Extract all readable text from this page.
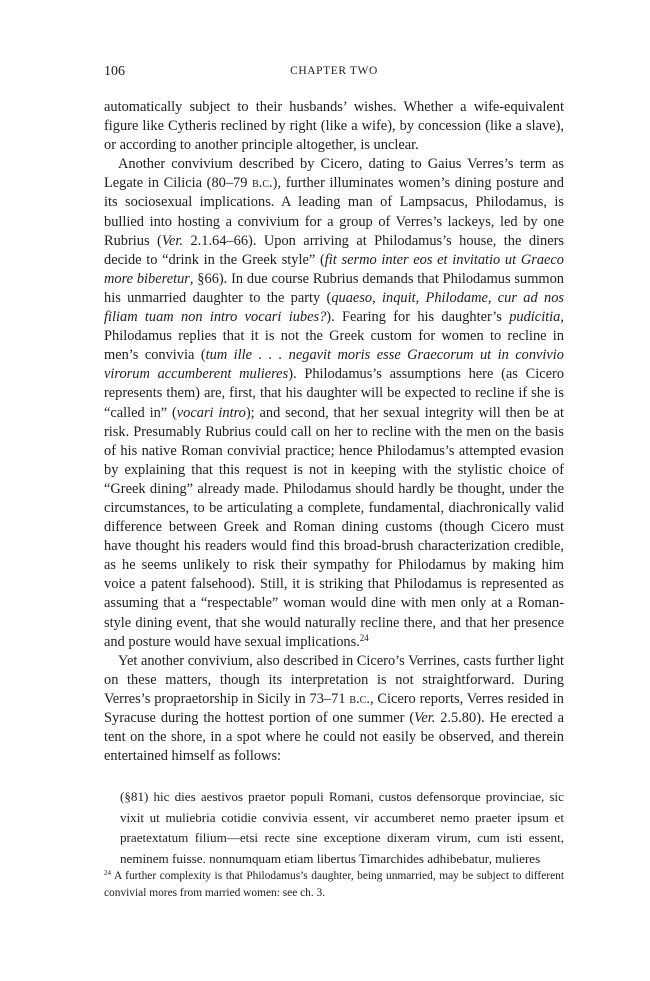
106	CHAPTER TWO

automatically subject to their husbands’ wishes. Whether a wife-equivalent figure like Cytheris reclined by right (like a wife), by concession (like a slave), or according to another principle altogether, is unclear.

Another convivium described by Cicero, dating to Gaius Verres’s term as Legate in Cilicia (80–79 b.c.), further illuminates women’s dining posture and its sociosexual implications. A leading man of Lampsacus, Philodamus, is bullied into hosting a convivium for a group of Verres’s lackeys, led by one Rubrius (Ver. 2.1.64–66). Upon arriving at Philodamus’s house, the diners decide to “drink in the Greek style” (fit sermo inter eos et invitatio ut Graeco more biberetur, §66). In due course Rubrius demands that Philodamus summon his unmarried daughter to the party (quaeso, inquit, Philodame, cur ad nos filiam tuam non intro vocari iubes?). Fearing for his daughter’s pudicitia, Philodamus replies that it is not the Greek custom for women to recline in men’s convivia (tum ille . . . negavit moris esse Graecorum ut in convivio virorum accumberent mulieres). Philodamus’s assumptions here (as Cicero represents them) are, first, that his daughter will be expected to recline if she is “called in” (vocari intro); and second, that her sexual integrity will then be at risk. Presumably Rubrius could call on her to recline with the men on the basis of his native Roman convivial practice; hence Philodamus’s attempted evasion by explaining that this request is not in keeping with the stylistic choice of “Greek dining” already made. Philodamus should hardly be thought, under the circumstances, to be articulating a complete, fundamental, diachronically valid difference between Greek and Roman dining customs (though Cicero must have thought his readers would find this broad-brush characterization credible, as he seems unlikely to risk their sympathy for Philodamus by making him voice a patent falsehood). Still, it is striking that Philodamus is represented as assuming that a “respectable” woman would dine with men only at a Roman-style dining event, that she would naturally recline there, and that her presence and posture would have sexual implications.$^{24}$

Yet another convivium, also described in Cicero’s Verrines, casts further light on these matters, though its interpretation is not straightforward. During Verres’s propraetorship in Sicily in 73–71 b.c., Cicero reports, Verres resided in Syracuse during the hottest portion of one summer (Ver. 2.5.80). He erected a tent on the shore, in a spot where he could not easily be observed, and therein entertained himself as follows:

(§81) hic dies aestivos praetor populi Romani, custos defensorque provinciae, sic vixit ut muliebria cotidie convivia essent, vir accumberet nemo praeter ipsum et praetextatum filium—etsi recte sine exceptione dixeram virum, cum isti essent, neminem fuisse. nonnumquam etiam libertus Timarchides adhibebatur, mulieres

$^{24}$ A further complexity is that Philodamus’s daughter, being unmarried, may be subject to different convivial mores from married women: see ch. 3.
